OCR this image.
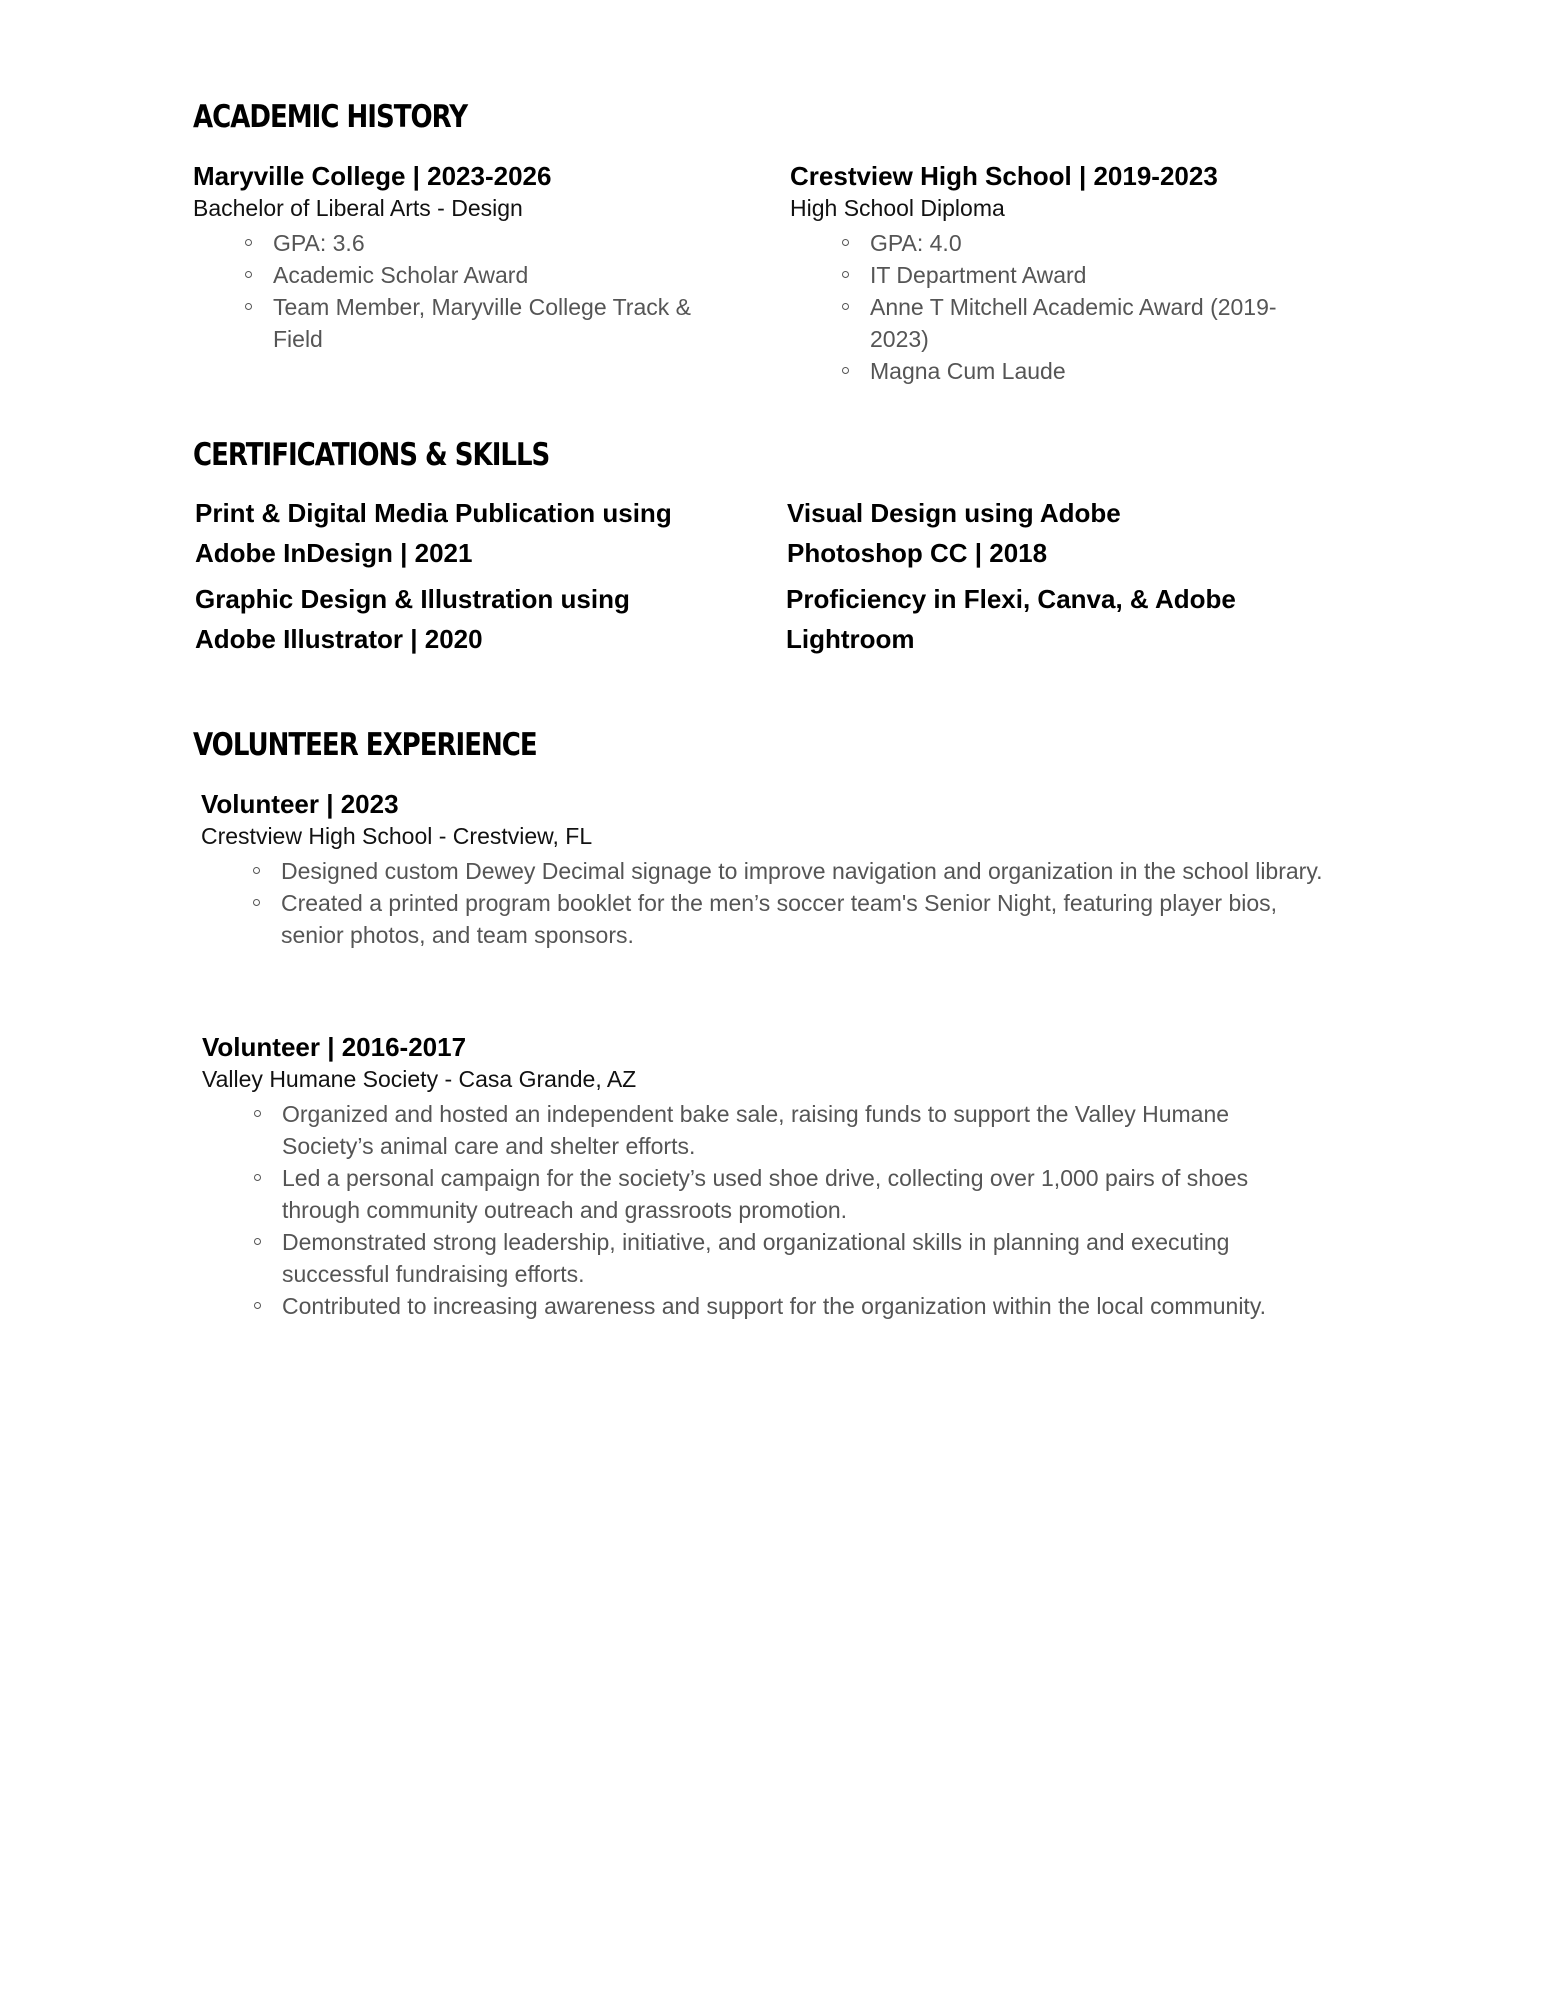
ACADEMIC HISTORY

Maryville College | 2023-2026

Bachelor of Liberal Arts - Design

GPA: 3.6
Academic Scholar Award
Team Member, Maryville College Track & Field

Crestview High School | 2019-2023

High School Diploma

GPA: 4.0
IT Department Award
Anne T Mitchell Academic Award (2019-2023)
Magna Cum Laude
CERTIFICATIONS & SKILLS

Print & Digital Media Publication using Adobe InDesign | 2021

Visual Design using Adobe Photoshop CC | 2018

Graphic Design & Illustration using Adobe Illustrator | 2020

Proficiency in Flexi, Canva, & Adobe Lightroom

VOLUNTEER EXPERIENCE

Volunteer | 2023

Crestview High School - Crestview, FL

Designed custom Dewey Decimal signage to improve navigation and organization in the school library.
Created a printed program booklet for the men’s soccer team's Senior Night, featuring player bios, senior photos, and team sponsors.

Volunteer | 2016-2017

Valley Humane Society - Casa Grande, AZ

Organized and hosted an independent bake sale, raising funds to support the Valley Humane Society’s animal care and shelter efforts.
Led a personal campaign for the society’s used shoe drive, collecting over 1,000 pairs of shoes through community outreach and grassroots promotion.
Demonstrated strong leadership, initiative, and organizational skills in planning and executing successful fundraising efforts.
Contributed to increasing awareness and support for the organization within the local community.
